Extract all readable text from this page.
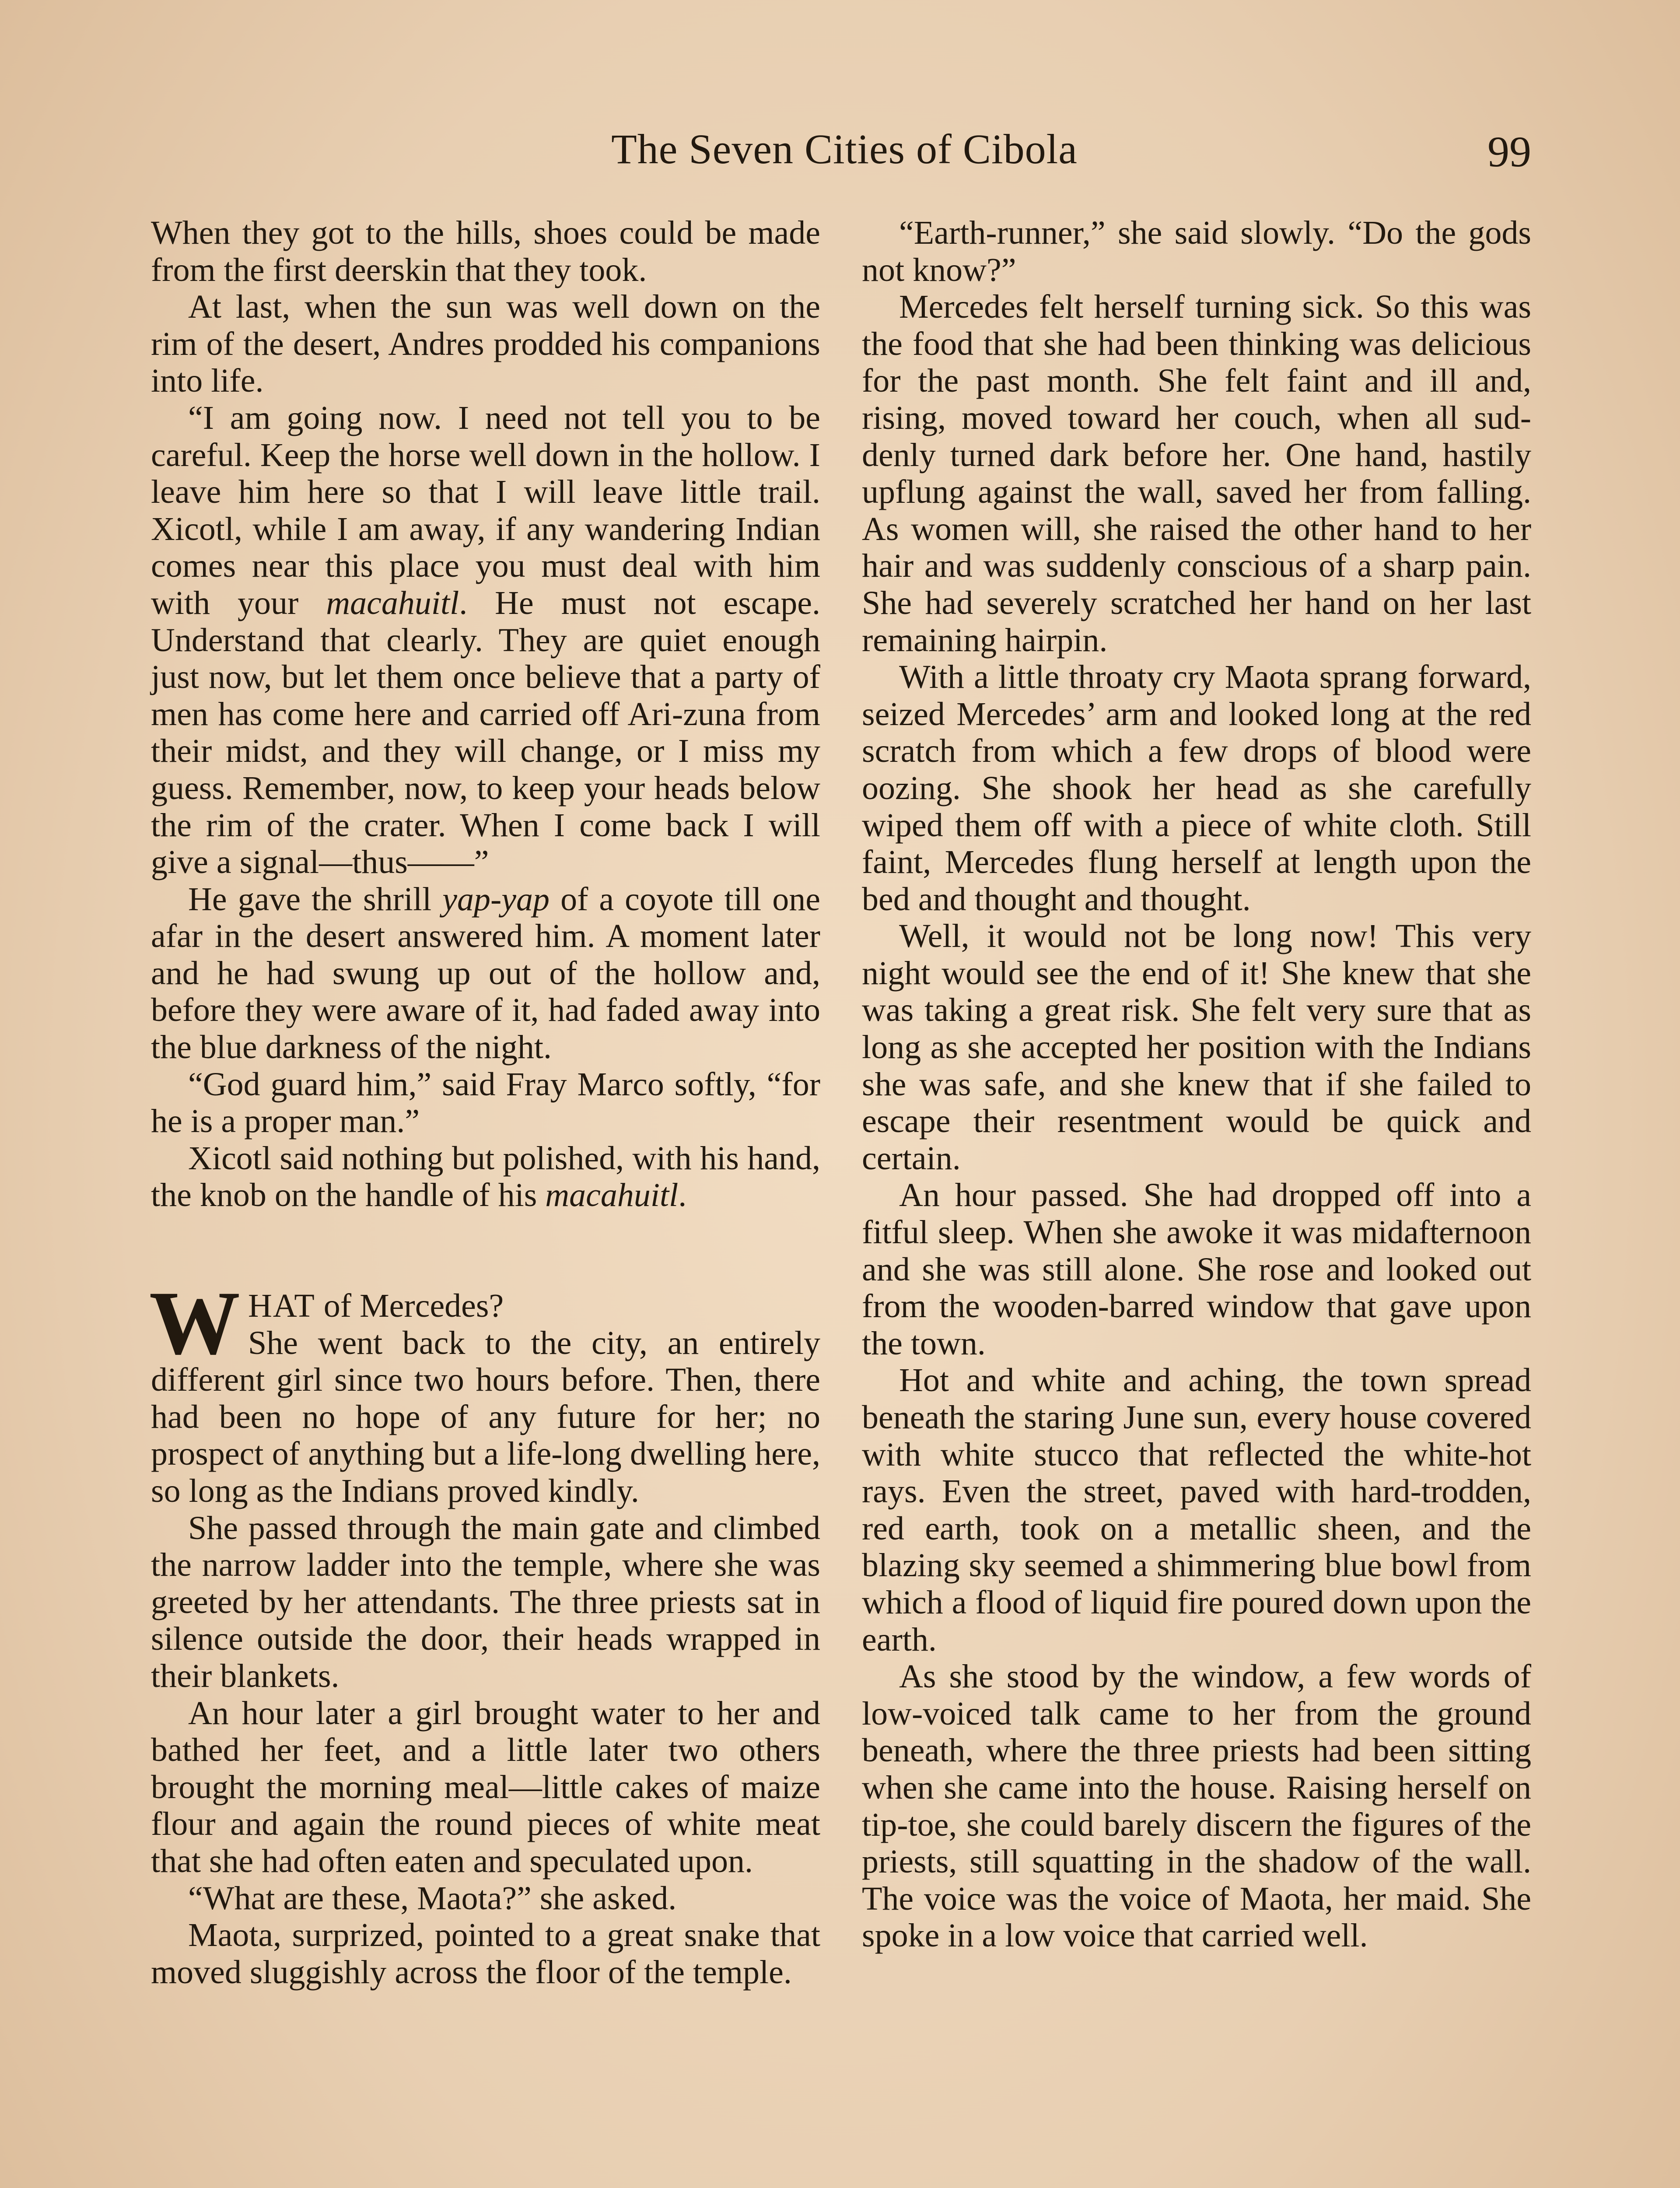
The Seven Cities of Cibola	99

When they got to the hills, shoes could be made from the first deerskin that they took.

At last, when the sun was well down on the rim of the desert, Andres prodded his companions into life.

“I am going now. I need not tell you to be careful. Keep the horse well down in the hollow. I leave him here so that I will leave little trail. Xicotl, while I am away, if any wandering Indian comes near this place you must deal with him with your macahuitl. He must not escape. Understand that clearly. They are quiet enough just now, but let them once believe that a party of men has come here and carried off Ari-zuna from their midst, and they will change, or I miss my guess. Remember, now, to keep your heads below the rim of the crater. When I come back I will give a signal—thus——”

He gave the shrill yap-yap of a coyote till one afar in the desert answered him. A moment later and he had swung up out of the hollow and, before they were aware of it, had faded away into the blue darkness of the night.

“God guard him,” said Fray Marco softly, “for he is a proper man.”

Xicotl said nothing but polished, with his hand, the knob on the handle of his macahuitl.

WHAT of Mercedes?
She went back to the city, an entirely different girl since two hours before. Then, there had been no hope of any future for her; no prospect of anything but a life-long dwelling here, so long as the Indians proved kindly.

She passed through the main gate and climbed the narrow ladder into the temple, where she was greeted by her attendants. The three priests sat in silence outside the door, their heads wrapped in their blankets.

An hour later a girl brought water to her and bathed her feet, and a little later two others brought the morning meal—little cakes of maize flour and again the round pieces of white meat that she had often eaten and speculated upon.

“What are these, Maota?” she asked.

Maota, surprized, pointed to a great snake that moved sluggishly across the floor of the temple.

“Earth-runner,” she said slowly. “Do the gods not know?”

Mercedes felt herself turning sick. So this was the food that she had been thinking was delicious for the past month. She felt faint and ill and, rising, moved toward her couch, when all suddenly turned dark before her. One hand, hastily upflung against the wall, saved her from falling. As women will, she raised the other hand to her hair and was suddenly conscious of a sharp pain. She had severely scratched her hand on her last remaining hairpin.

With a little throaty cry Maota sprang forward, seized Mercedes’ arm and looked long at the red scratch from which a few drops of blood were oozing. She shook her head as she carefully wiped them off with a piece of white cloth. Still faint, Mercedes flung herself at length upon the bed and thought and thought.

Well, it would not be long now! This very night would see the end of it! She knew that she was taking a great risk. She felt very sure that as long as she accepted her position with the Indians she was safe, and she knew that if she failed to escape their resentment would be quick and certain.

An hour passed. She had dropped off into a fitful sleep. When she awoke it was midafternoon and she was still alone. She rose and looked out from the wooden-barred window that gave upon the town.

Hot and white and aching, the town spread beneath the staring June sun, every house covered with white stucco that reflected the white-hot rays. Even the street, paved with hard-trodden, red earth, took on a metallic sheen, and the blazing sky seemed a shimmering blue bowl from which a flood of liquid fire poured down upon the earth.

As she stood by the window, a few words of low-voiced talk came to her from the ground beneath, where the three priests had been sitting when she came into the house. Raising herself on tip-toe, she could barely discern the figures of the priests, still squatting in the shadow of the wall. The voice was the voice of Maota, her maid. She spoke in a low voice that carried well.
